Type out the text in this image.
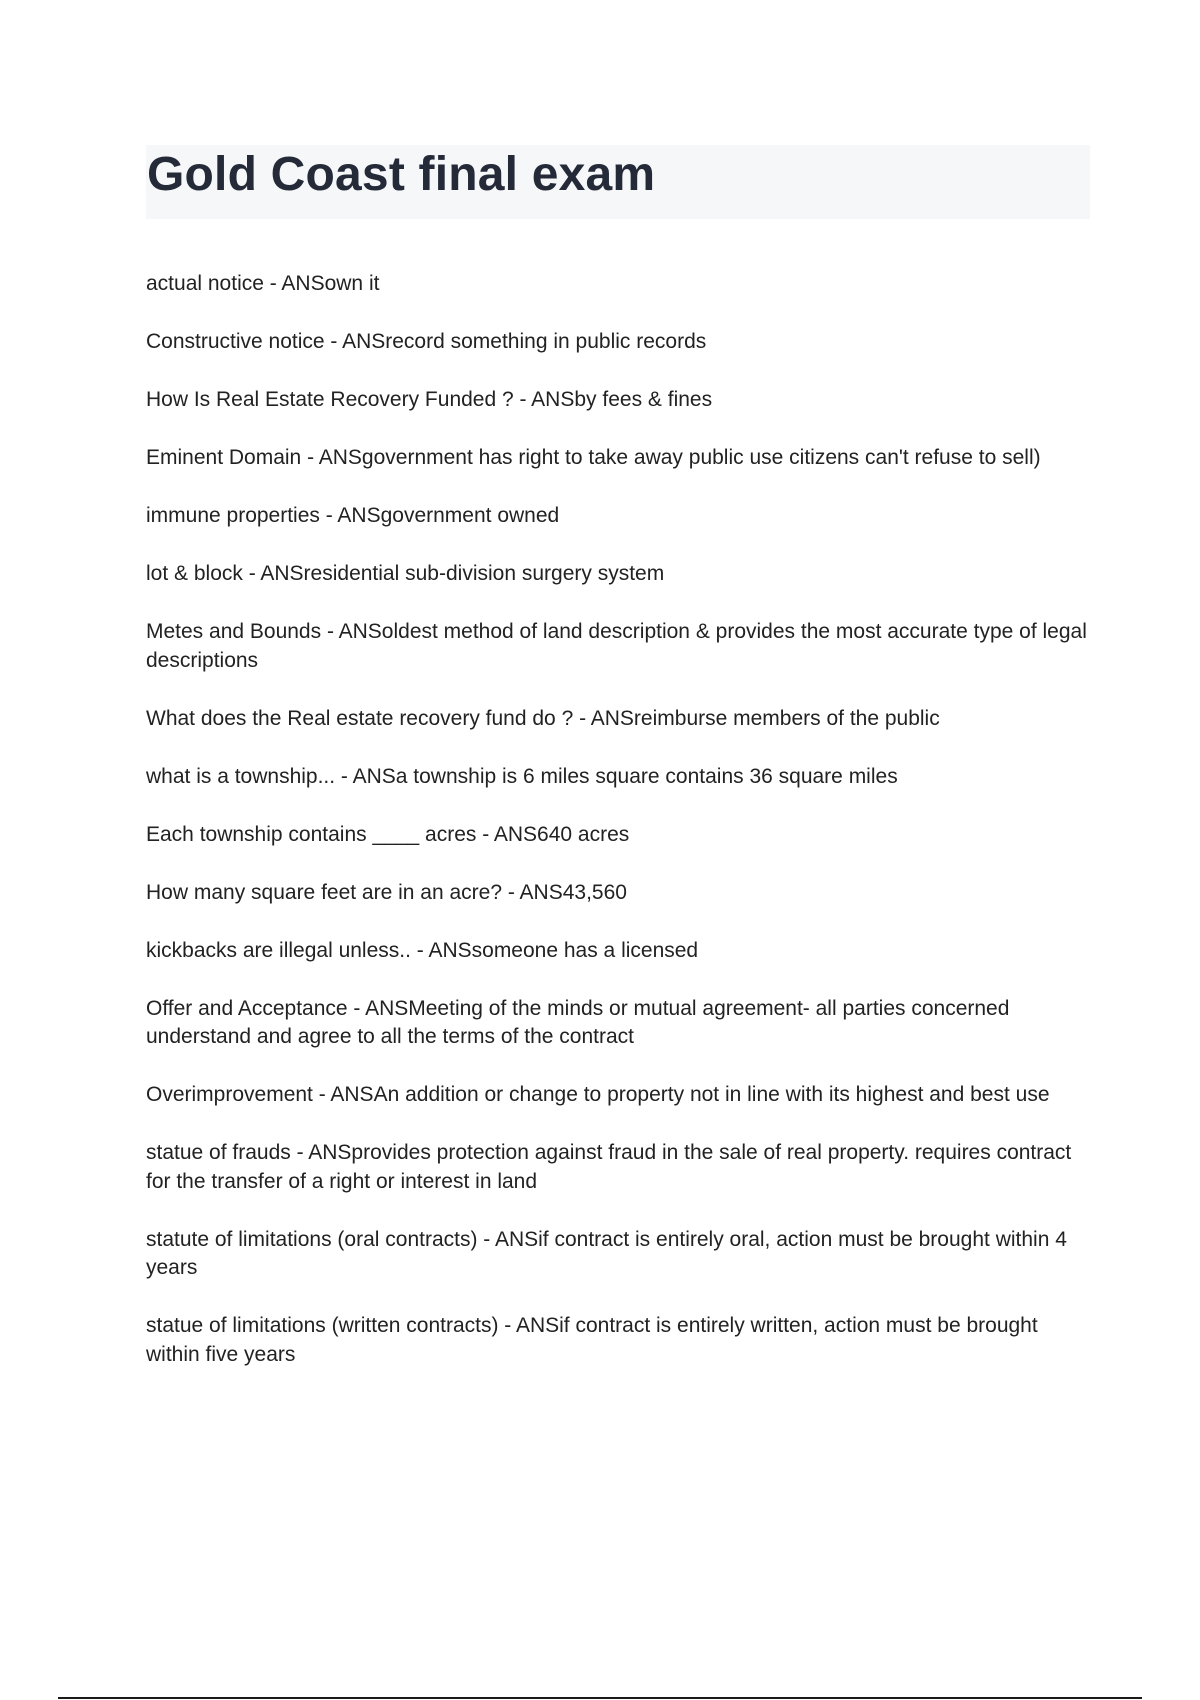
Gold Coast final exam
actual notice - ANSown it
Constructive notice - ANSrecord something in public records
How Is Real Estate Recovery Funded ? - ANSby fees & fines
Eminent Domain - ANSgovernment has right to take away public use citizens can't refuse to sell)
immune properties - ANSgovernment owned
lot & block - ANSresidential sub-division surgery system
Metes and Bounds - ANSoldest method of land description & provides the most accurate type of legal descriptions
What does the Real estate recovery fund do ? - ANSreimburse members of the public
what is a township... - ANSa township is 6 miles square contains 36 square miles
Each township contains ____ acres - ANS640 acres
How many square feet are in an acre? - ANS43,560
kickbacks are illegal unless.. - ANSsomeone has a licensed
Offer and Acceptance - ANSMeeting of the minds or mutual agreement- all parties concerned understand and agree to all the terms of the contract
Overimprovement - ANSAn addition or change to property not in line with its highest and best use
statue of frauds - ANSprovides protection against fraud in the sale of real property. requires contract for the transfer of a right or interest in land
statute of limitations (oral contracts) - ANSif contract is entirely oral, action must be brought within 4 years
statue of limitations (written contracts) - ANSif contract is entirely written, action must be brought within five years
